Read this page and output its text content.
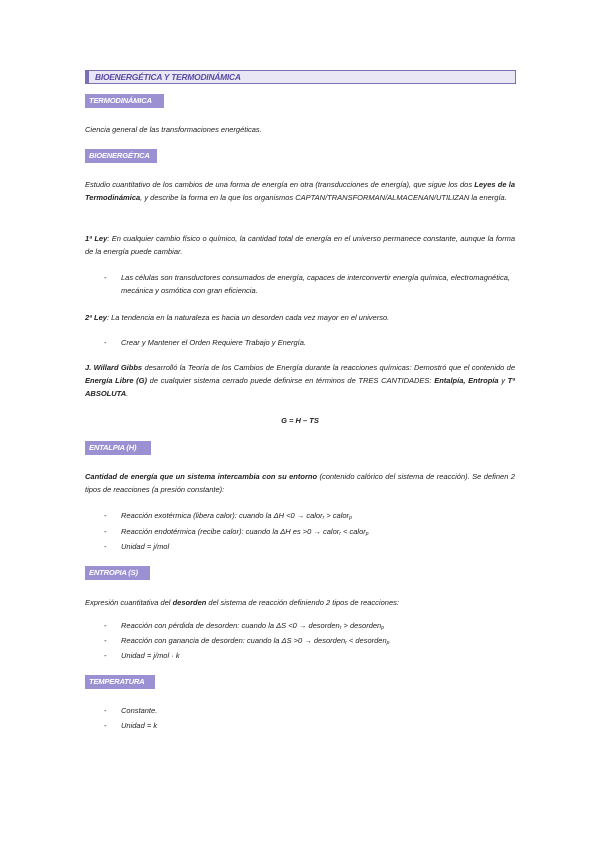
BIOENERGÉTICA Y TERMODINÁMICA
TERMODINÁMICA
Ciencia general de las transformaciones energéticas.
BIOENERGÉTICA
Estudio cuantitativo de los cambios de una forma de energía en otra (transducciones de energía), que sigue los dos Leyes de la Termodinámica, y describe la forma en la que los organismos CAPTAN/TRANSFORMAN/ALMACENAN/UTILIZAN la energía.
1ª Ley: En cualquier cambio físico o químico, la cantidad total de energía en el universo permanece constante, aunque la forma de la energía puede cambiar.
- Las células son transductores consumados de energía, capaces de interconvertir energía química, electromagnética, mecánica y osmótica con gran eficiencia.
2ª Ley: La tendencia en la naturaleza es hacia un desorden cada vez mayor en el universo.
- Crear y Mantener el Orden Requiere Trabajo y Energía.
J. Willard Gibbs desarrolló la Teoría de los Cambios de Energía durante la reacciones químicas: Demostró que el contenido de Energía Libre (G) de cualquier sistema cerrado puede definirse en términos de TRES CANTIDADES: Entalpía, Entropía y Tª ABSOLUTA.
G = H – TS
ENTALPIA (H)
Cantidad de energía que un sistema intercambia con su entorno (contenido calórico del sistema de reacción). Se definen 2 tipos de reacciones (a presión constante):
- Reacción exotérmica (libera calor): cuando la ΔH <0 → calor$_r$ > calor$_p$
- Reacción endotérmica (recibe calor): cuando la ΔH es >0 → calor$_r$ < calor$_p$
- Unidad = j/mol
ENTROPIA (S)
Expresión cuantitativa del desorden del sistema de reacción definiendo 2 tipos de reacciones:
- Reacción con pérdida de desorden: cuando la ΔS <0 → desorden$_r$ > desorden$_p$
- Reacción con ganancia de desorden: cuando la ΔS >0 → desorden$_r$ < desorden$_p$
- Unidad = j/mol · k
TEMPERATURA
- Constante.
- Unidad = k
